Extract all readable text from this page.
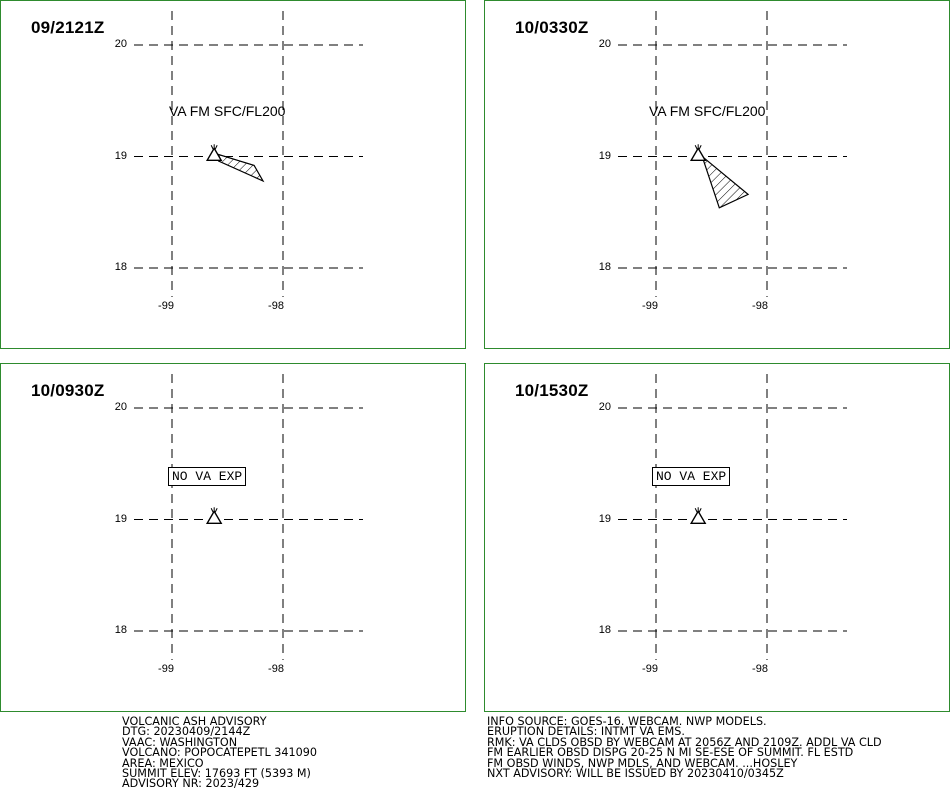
09/2121Z
20
19
18
-99	-98
VA FM SFC/FL200
10/0330Z
20
19
18
-99	-98
VA FM SFC/FL200
10/0930Z
20
19
18
-99	-98
NO VA EXP
10/1530Z
20
19
18
-99	-98
NO VA EXP
VOLCANIC ASH ADVISORY
DTG: 20230409/2144Z
VAAC: WASHINGTON
VOLCANO: POPOCATEPETL 341090
AREA: MEXICO
SUMMIT ELEV: 17693 FT (5393 M)
ADVISORY NR: 2023/429
INFO SOURCE: GOES-16. WEBCAM. NWP MODELS.
ERUPTION DETAILS: INTMT VA EMS.
RMK: VA CLDS OBSD BY WEBCAM AT 2056Z AND 2109Z. ADDL VA CLD
FM EARLIER OBSD DISPG 20-25 N MI SE-ESE OF SUMMIT. FL ESTD
FM OBSD WINDS, NWP MDLS, AND WEBCAM. ...HOSLEY
NXT ADVISORY: WILL BE ISSUED BY 20230410/0345Z
